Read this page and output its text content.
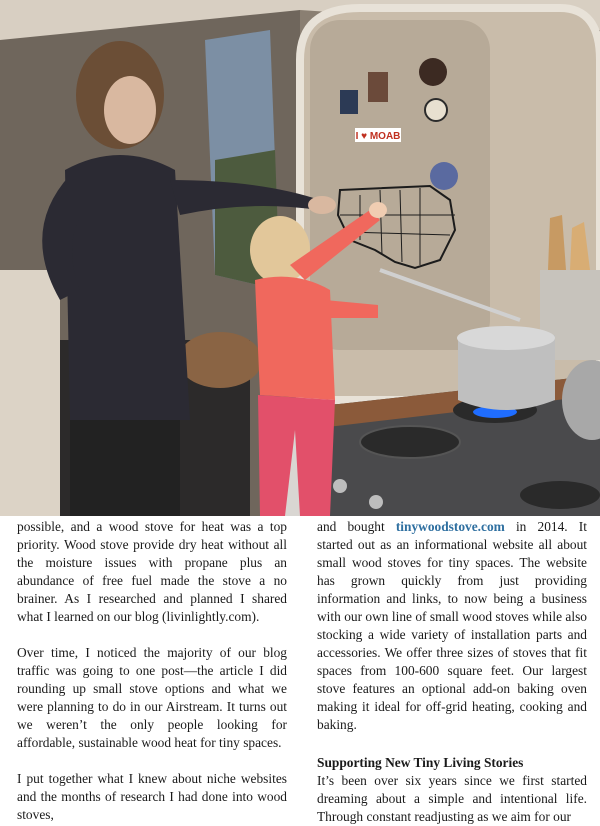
I ♥ MOAB

possible, and a wood stove for heat was a top priority. Wood stove provide dry heat without all the moisture issues with propane plus an abundance of free fuel made the stove a no brainer. As I researched and planned I shared what I learned on our blog (livinlightly.com).

Over time, I noticed the majority of our blog traffic was going to one post—the article I did rounding up small stove options and what we were planning to do in our Airstream. It turns out we weren’t the only people looking for affordable, sustainable wood heat for tiny spaces.

I put together what I knew about niche websites and the months of research I had done into wood stoves,

and bought tinywoodstove.com in 2014. It started out as an informational website all about small wood stoves for tiny spaces. The website has grown quickly from just providing information and links, to now being a business with our own line of small wood stoves while also stocking a wide variety of installation parts and accessories. We offer three sizes of stoves that fit spaces from 100-600 square feet. Our largest stove features an optional add-on baking oven making it ideal for off-grid heating, cooking and baking.

Supporting New Tiny Living Stories

It’s been over six years since we first started dreaming about a simple and intentional life. Through constant readjusting as we aim for our
